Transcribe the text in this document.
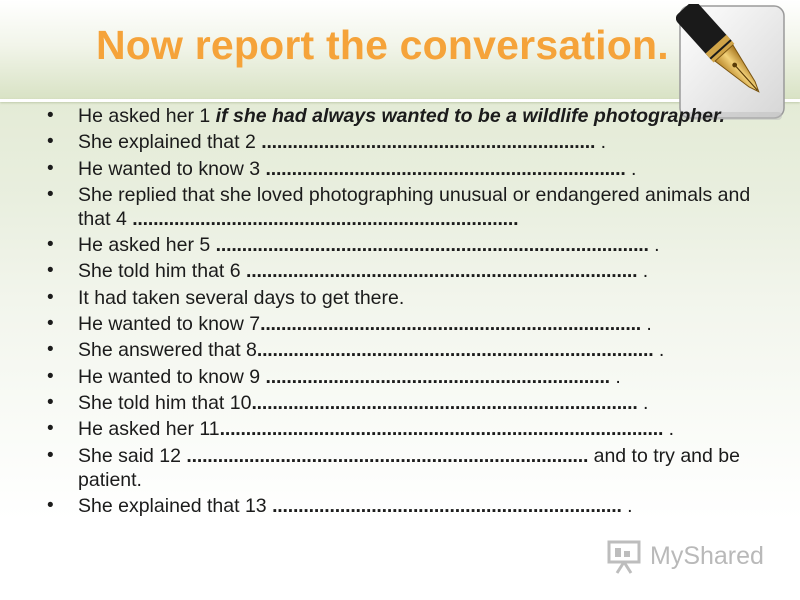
Now report the conversation.
• He asked her 1 if she had always wanted to be a wildlife photographer.
• She explained that 2 ................................................................ .
• He wanted to know 3 ..................................................................... .
• She replied that she loved photographing unusual or endangered animals and that 4 ..........................................................................
• He asked her 5 ................................................................................... .
• She told him that 6 ........................................................................... .
• It had taken several days to get there.
• He wanted to know 7......................................................................... .
• She answered that 8............................................................................ .
• He wanted to know 9 .................................................................. .
• She told him that 10.......................................................................... .
• He asked her 11..................................................................................... .
• She said 12 ............................................................................. and to try and be patient.
• She explained that 13 ................................................................... .
MyShared
